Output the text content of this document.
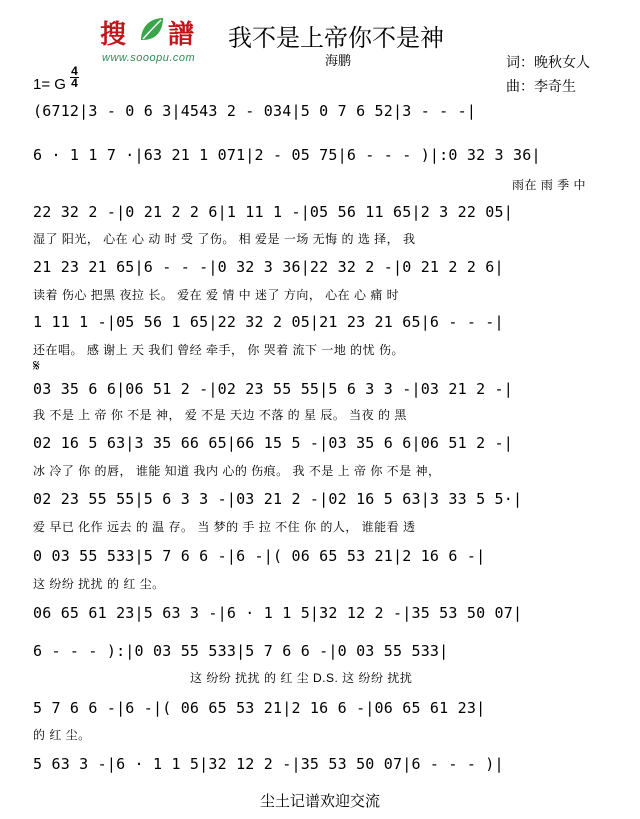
搜 譜
www.sooopu.com
我不是上帝你不是神
海鹏	词：晚秋女人
曲：李奇生
1= G
4
4
(6712|3 - 0 6 3|4543 2 - 034|5 0 7 6 52|3 - - -|
6 · 1 1 7 ·|63 21 1 071|2 - 05 75|6 - - - )|:0 32 3 36|
雨在 雨 季 中
22 32 2 -|0 21 2 2 6|1 11 1 -|05 56 11 65|2 3 22 05|
湿了 阳光， 心在 心 动 时 受 了伤。 相 爱是 一场 无悔 的 选 择， 我
21 23 21 65|6 - - -|0 32 3 36|22 32 2 -|0 21 2 2 6|
读着 伤心 把黑 夜拉 长。 爱在 爱 情 中 迷了 方向， 心在 心 痛 时
1 11 1 -|05 56 1 65|22 32 2 05|21 23 21 65|6 - - -|
还在唱。 感 谢上 天 我们 曾经 牵手， 你 哭着 流下 一地 的忧 伤。
𝄋
03 35 6 6|06 51 2 -|02 23 55 55|5 6 3 3 -|03 21 2 -|
我 不是 上 帝 你 不是 神， 爱 不是 天边 不落 的 星 辰。 当夜 的 黑
02 16 5 63|3 35 66 65|66 15 5 -|03 35 6 6|06 51 2 -|
冰 冷了 你 的唇， 谁能 知道 我内 心的 伤痕。 我 不是 上 帝 你 不是 神，
02 23 55 55|5 6 3 3 -|03 21 2 -|02 16 5 63|3 33 5 5·|
爱 早已 化作 远去 的 温 存。 当 梦的 手 拉 不住 你 的人， 谁能看 透
0 03 55 533|5 7 6 6 -|6 -|( 06 65 53 21|2 16 6 -|
这 纷纷 扰扰 的 红 尘。
06 65 61 23|5 63 3 -|6 · 1 1 5|32 12 2 -|35 53 50 07|
6 - - - ):|0 03 55 533|5 7 6 6 -|0 03 55 533|
这 纷纷 扰扰 的 红 尘 D.S. 这 纷纷 扰扰
5 7 6 6 -|6 -|( 06 65 53 21|2 16 6 -|06 65 61 23|
的 红 尘。
5 63 3 -|6 · 1 1 5|32 12 2 -|35 53 50 07|6 - - - )|
尘土记谱欢迎交流
